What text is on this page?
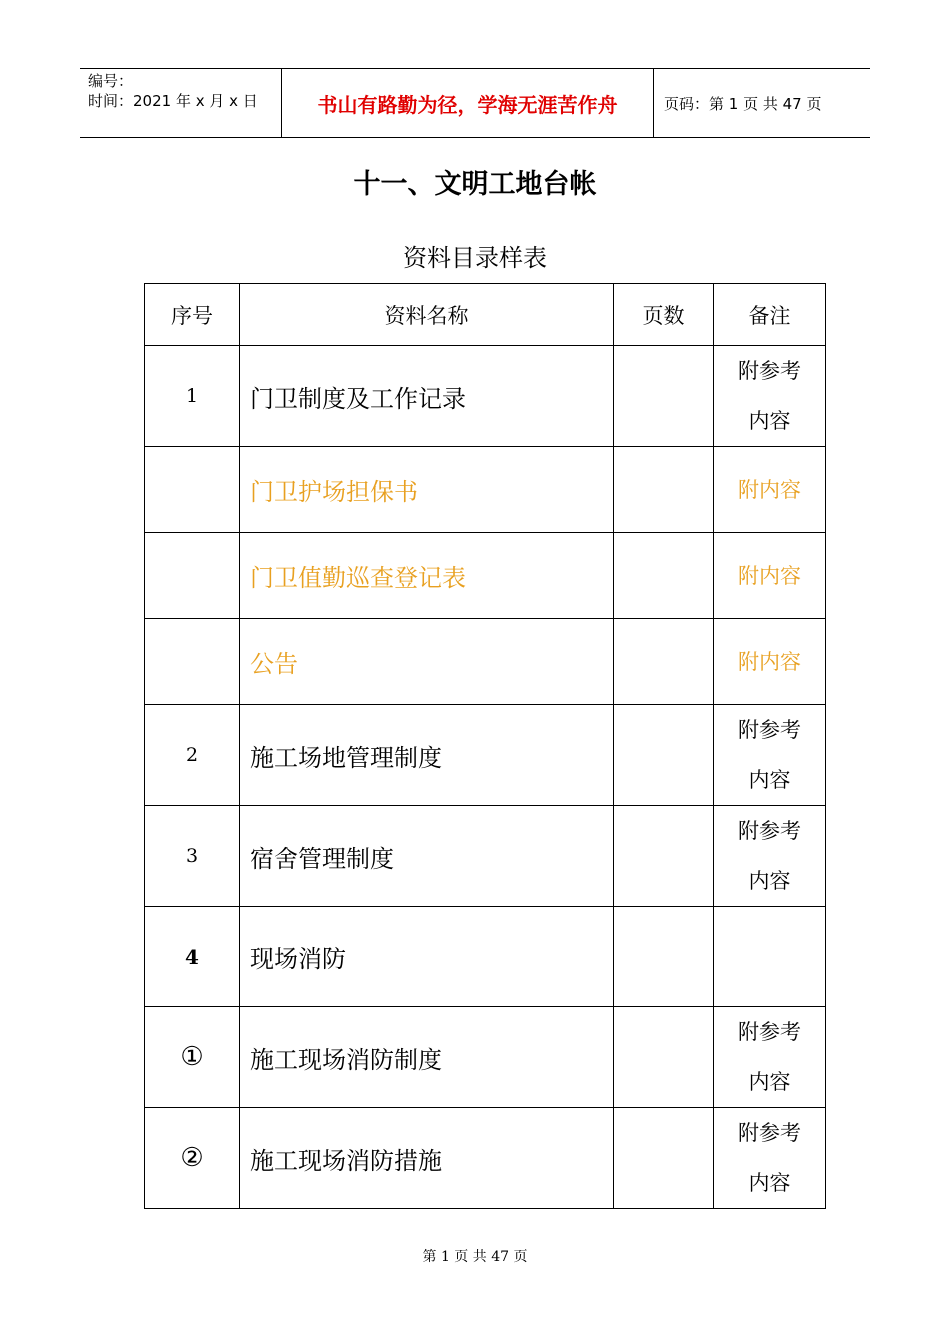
编号：
时间：2021 年 x 月 x 日	书山有路勤为径，学海无涯苦作舟	页码：第 1 页 共 47 页
十一、文明工地台帐
资料目录样表
序号	资料名称	页数	备注
1	门卫制度及工作记录		附参考
内容

	门卫护场担保书		附内容

	门卫值勤巡查登记表		附内容

	公告		附内容

2	施工场地管理制度		附参考
内容

3	宿舍管理制度		附参考
内容

4	现场消防		
①	施工现场消防制度		附参考
内容

②	施工现场消防措施		附参考
内容
第 1 页 共 47 页
